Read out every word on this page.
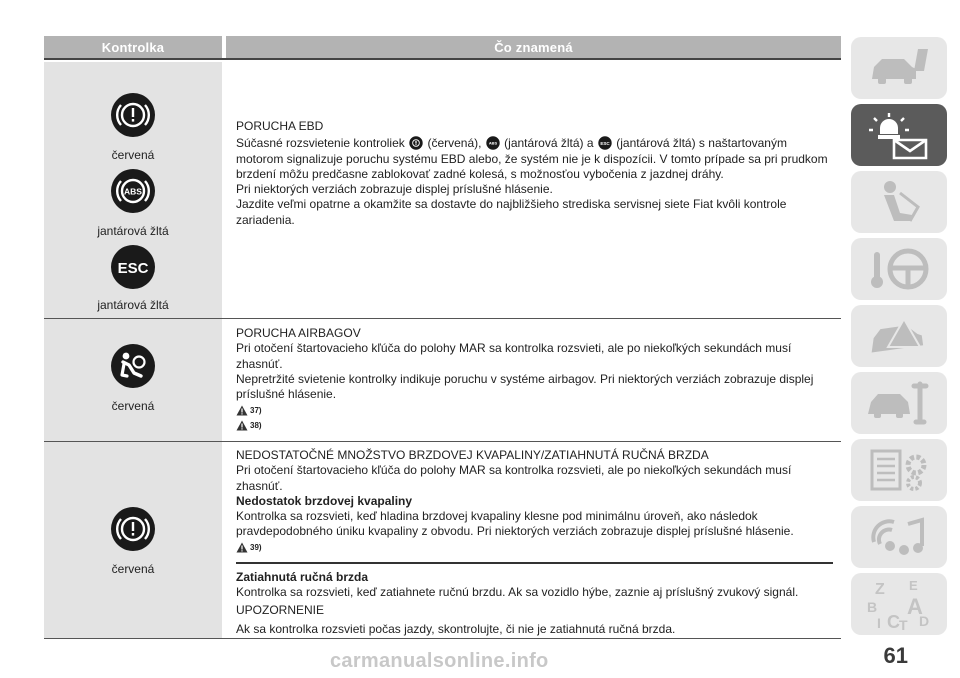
Kontrolka	Čo znamená
červená
ABS
jantárová žltá
ESC
jantárová žltá
PORUCHA EBD
Súčasné rozsvietenie kontroliek (červená), ABS (jantárová žltá) a ESC (jantárová žltá) s naštartovaným motorom signalizuje poruchu systému EBD alebo, že systém nie je k dispozícii. V tomto prípade sa pri prudkom brzdení môžu predčasne zablokovať zadné kolesá, s možnosťou vybočenia z jazdnej dráhy.
Pri niektorých verziách zobrazuje displej príslušné hlásenie.
Jazdite veľmi opatrne a okamžite sa dostavte do najbližšieho strediska servisnej siete Fiat kvôli kontrole zariadenia.
červená
PORUCHA AIRBAGOV
Pri otočení štartovacieho kľúča do polohy MAR sa kontrolka rozsvieti, ale po niekoľkých sekundách musí zhasnúť.
Nepretržité svietenie kontrolky indikuje poruchu v systéme airbagov. Pri niektorých verziách zobrazuje displej príslušné hlásenie.
37)
38)
červená
NEDOSTATOČNÉ MNOŽSTVO BRZDOVEJ KVAPALINY/ZATIAHNUTÁ RUČNÁ BRZDA
Pri otočení štartovacieho kľúča do polohy MAR sa kontrolka rozsvieti, ale po niekoľkých sekundách musí zhasnúť.
Nedostatok brzdovej kvapaliny
Kontrolka sa rozsvieti, keď hladina brzdovej kvapaliny klesne pod minimálnu úroveň, ako následok pravdepodobného úniku kvapaliny z obvodu. Pri niektorých verziách zobrazuje displej príslušné hlásenie.
39)
Zatiahnutá ručná brzda
Kontrolka sa rozsvieti, keď zatiahnete ručnú brzdu. Ak sa vozidlo hýbe, zaznie aj príslušný zvukový signál.
UPOZORNENIE
Ak sa kontrolka rozsvieti počas jazdy, skontrolujte, či nie je zatiahnutá ručná brzda.
Z E
B A
I C T D
61
carmanualsonline.info
